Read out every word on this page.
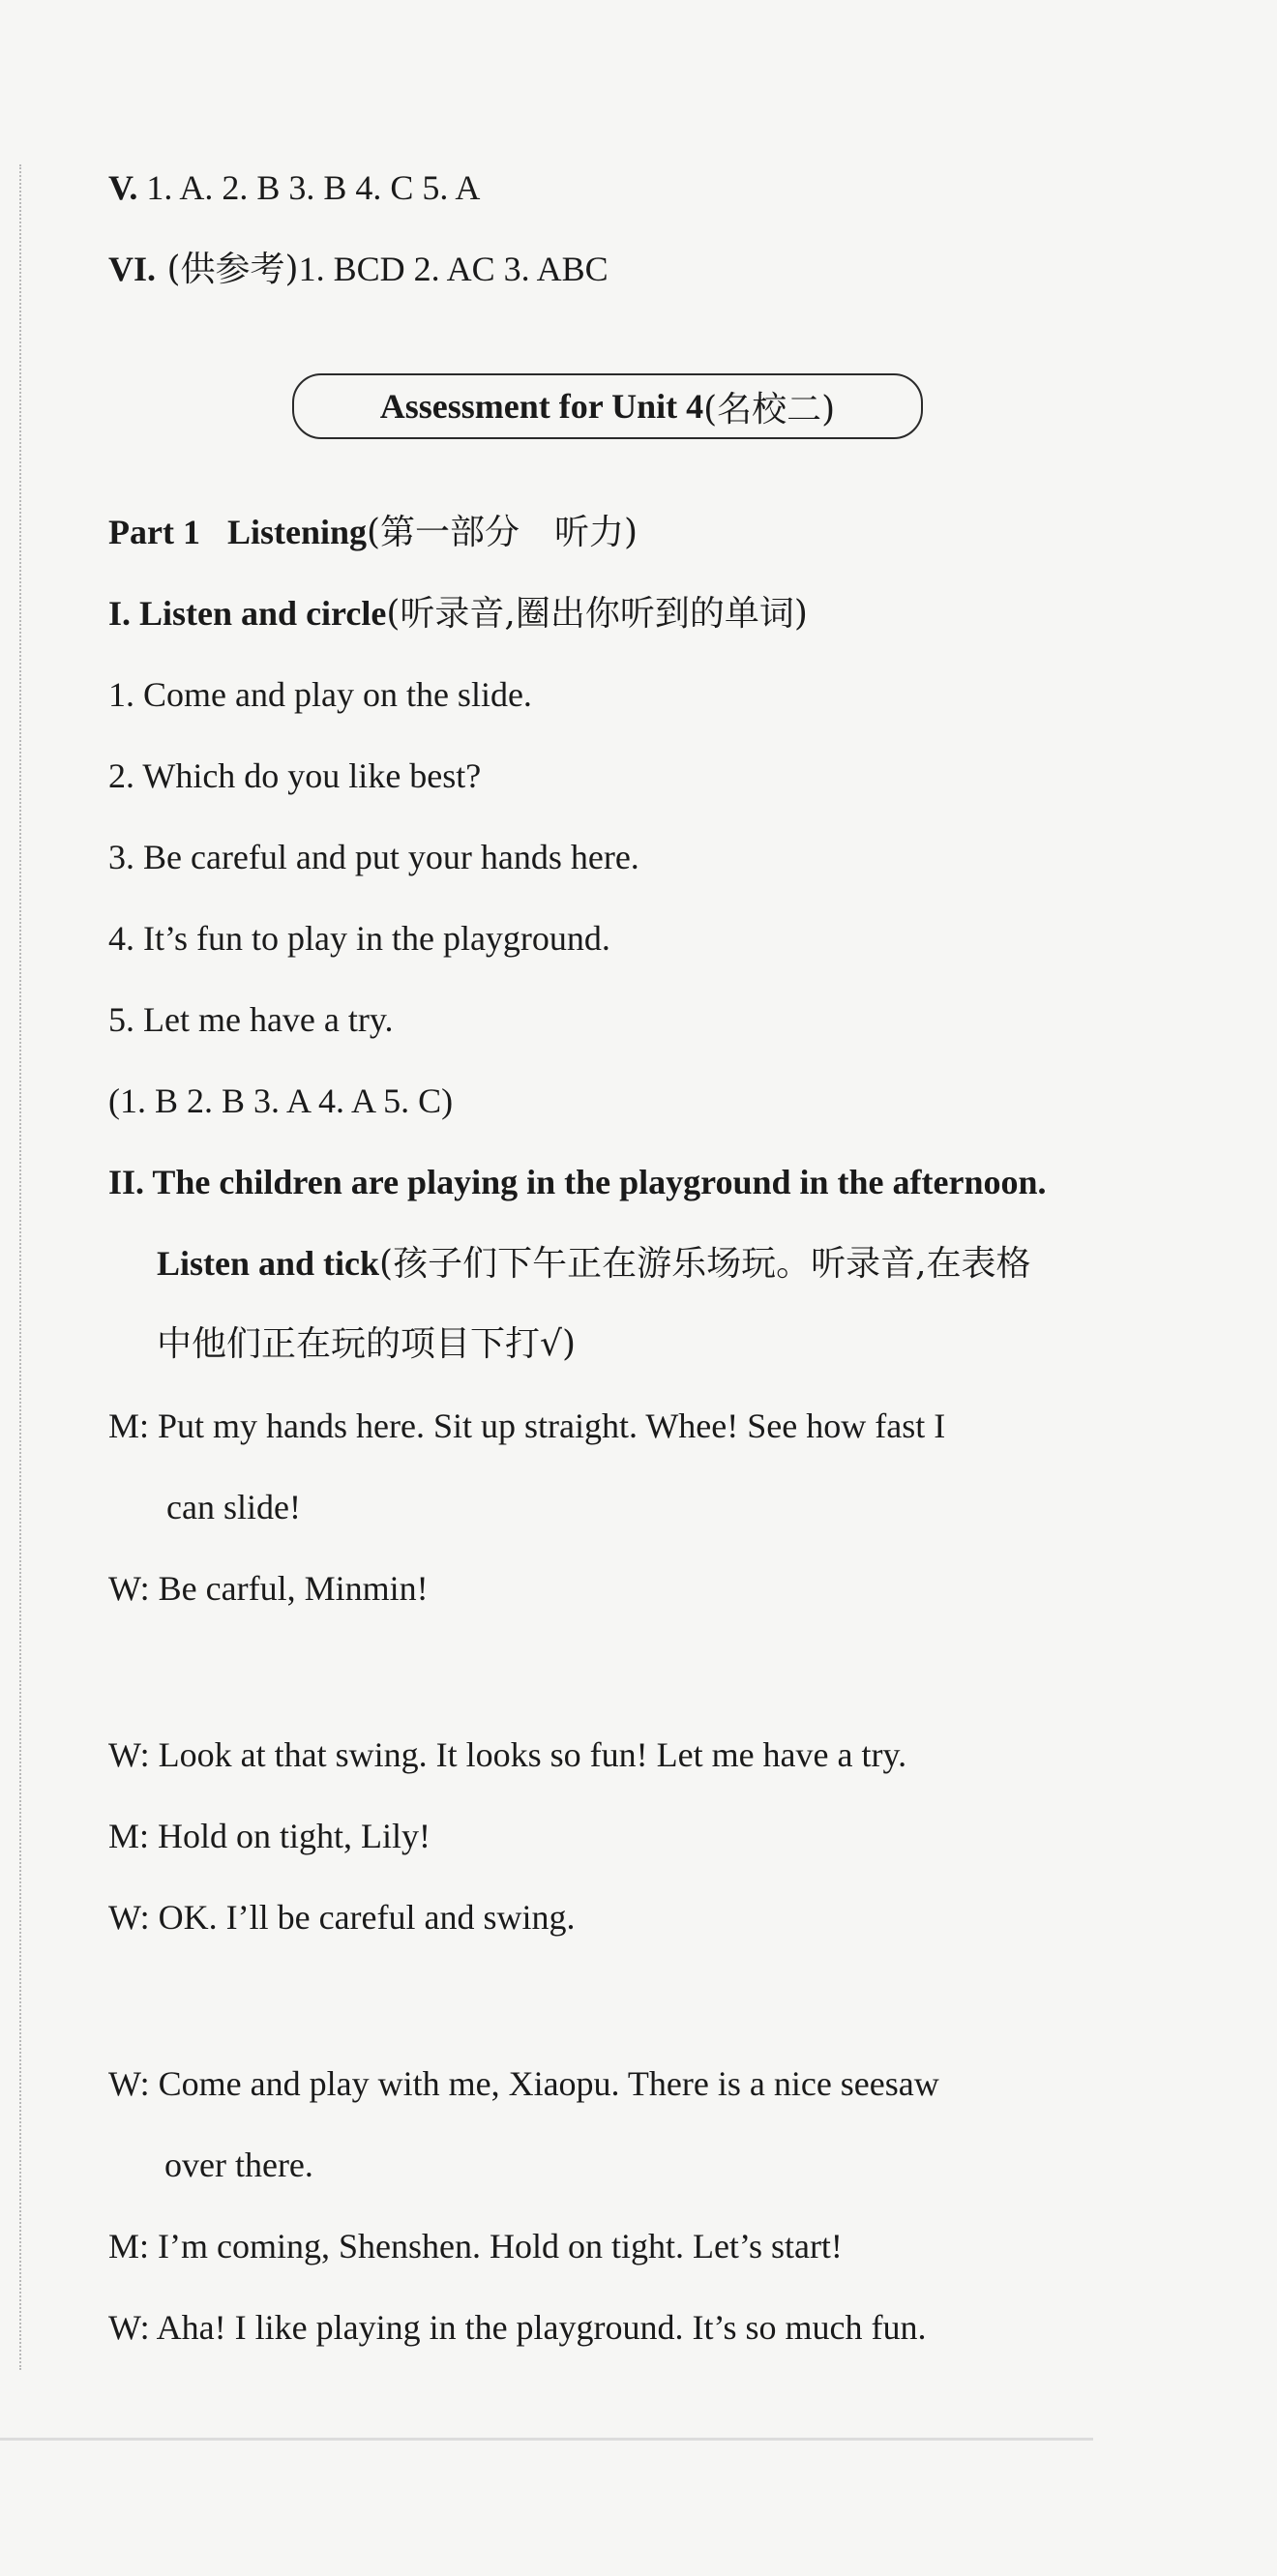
V. 1. A. 2. B 3. B 4. C 5. A
VI. (供参考)1. BCD 2. AC 3. ABC
Assessment for Unit 4 (名校二)
Part 1 Listening(第一部分　听力)
I. Listen and circle(听录音,圈出你听到的单词)
1. Come and play on the slide.
2. Which do you like best?
3. Be careful and put your hands here.
4. It’s fun to play in the playground.
5. Let me have a try.
(1. B 2. B 3. A 4. A 5. C)
II. The children are playing in the playground in the afternoon.
Listen and tick(孩子们下午正在游乐场玩。听录音,在表格
中他们正在玩的项目下打√)
M: Put my hands here. Sit up straight. Whee! See how fast I
can slide!
W: Be carful, Minmin!
W: Look at that swing. It looks so fun! Let me have a try.
M: Hold on tight, Lily!
W: OK. I’ll be careful and swing.
W: Come and play with me, Xiaopu. There is a nice seesaw
over there.
M: I’m coming, Shenshen. Hold on tight. Let’s start!
W: Aha! I like playing in the playground. It’s so much fun.
